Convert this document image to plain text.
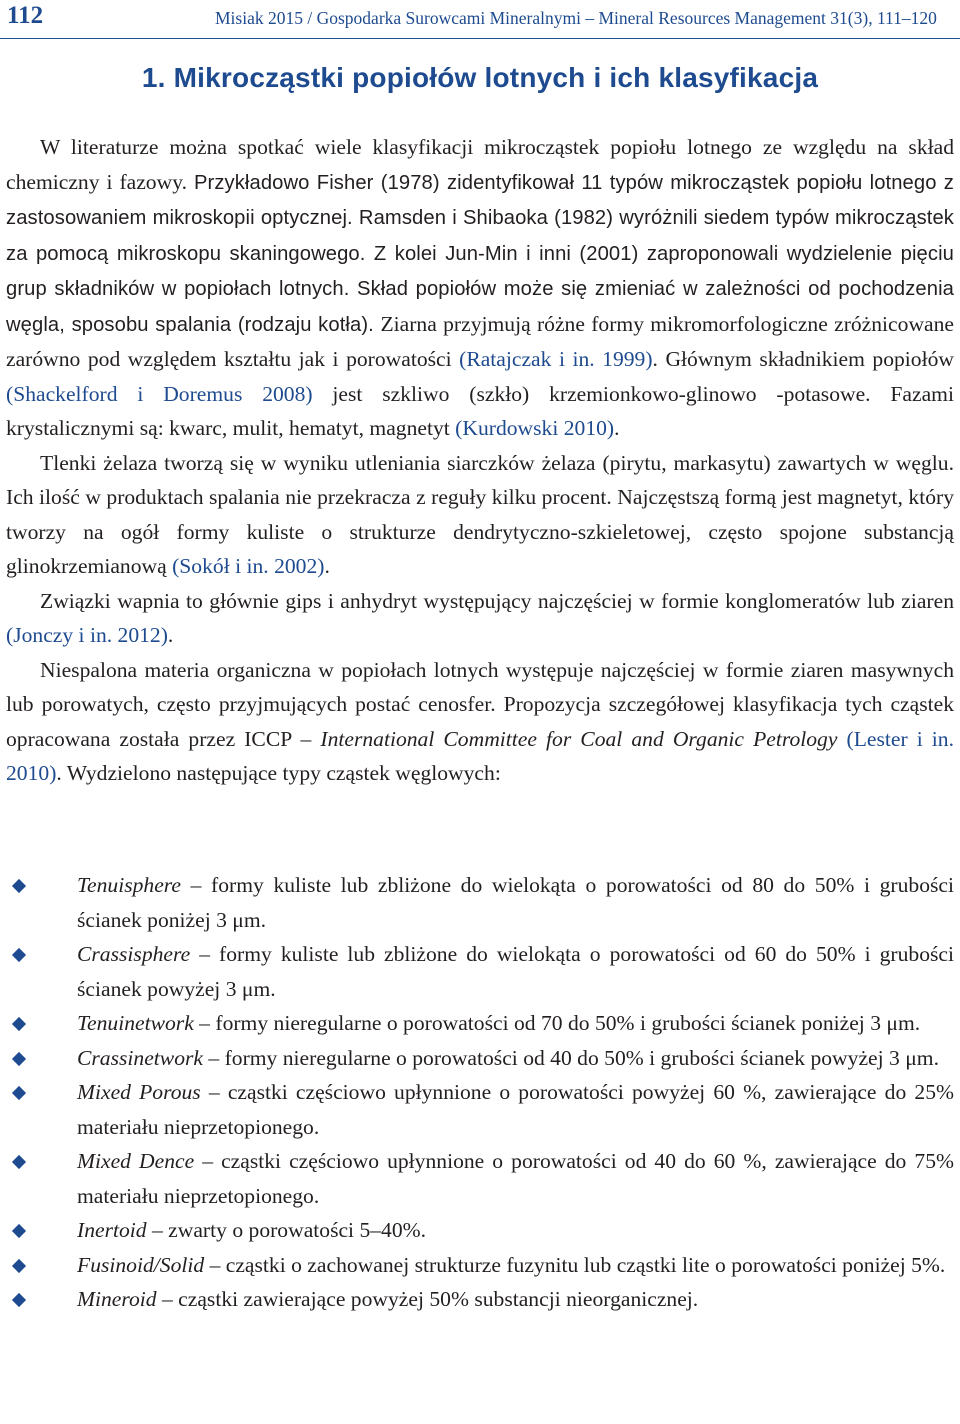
112	Misiak 2015 / Gospodarka Surowcami Mineralnymi – Mineral Resources Management 31(3), 111–120
1. Mikrocząstki popiołów lotnych i ich klasyfikacja

W literaturze można spotkać wiele klasyfikacji mikrocząstek popiołu lotnego ze względu na skład chemiczny i fazowy. Przykładowo Fisher (1978) zidentyfikował 11 typów mikrocząstek popiołu lotnego z zastosowaniem mikroskopii optycznej. Ramsden i Shibaoka (1982) wyróżnili siedem typów mikrocząstek za pomocą mikroskopu skaningowego. Z kolei Jun-Min i inni (2001) zaproponowali wydzielenie pięciu grup składników w popiołach lotnych. Skład popiołów może się zmieniać w zależności od pochodzenia węgla, sposobu spalania (rodzaju kotła). Ziarna przyjmują różne formy mikromorfologiczne zróżnicowane zarówno pod względem kształtu jak i porowatości (Ratajczak i in. 1999). Głównym składnikiem popiołów (Shackelford i Doremus 2008) jest szkliwo (szkło) krzemionkowo-glinowo -potasowe. Fazami krystalicznymi są: kwarc, mulit, hematyt, magnetyt (Kurdowski 2010).

Tlenki żelaza tworzą się w wyniku utleniania siarczków żelaza (pirytu, markasytu) zawartych w węglu. Ich ilość w produktach spalania nie przekracza z reguły kilku procent. Najczęstszą formą jest magnetyt, który tworzy na ogół formy kuliste o strukturze dendrytyczno-szkieletowej, często spojone substancją glinokrzemianową (Sokół i in. 2002).

Związki wapnia to głównie gips i anhydryt występujący najczęściej w formie konglomeratów lub ziaren (Jonczy i in. 2012).

Niespalona materia organiczna w popiołach lotnych występuje najczęściej w formie ziaren masywnych lub porowatych, często przyjmujących postać cenosfer. Propozycja szczegółowej klasyfikacja tych cząstek opracowana została przez ICCP – International Committee for Coal and Organic Petrology (Lester i in. 2010). Wydzielono następujące typy cząstek węglowych:

Tenuisphere – formy kuliste lub zbliżone do wielokąta o porowatości od 80 do 50% i grubości ścianek poniżej 3 μm.
Crassisphere – formy kuliste lub zbliżone do wielokąta o porowatości od 60 do 50% i grubości ścianek powyżej 3 μm.
Tenuinetwork – formy nieregularne o porowatości od 70 do 50% i grubości ścianek poniżej 3 μm.
Crassinetwork – formy nieregularne o porowatości od 40 do 50% i grubości ścianek powyżej 3 μm.
Mixed Porous – cząstki częściowo upłynnione o porowatości powyżej 60 %, zawierające do 25% materiału nieprzetopionego.
Mixed Dence – cząstki częściowo upłynnione o porowatości od 40 do 60 %, zawierające do 75% materiału nieprzetopionego.
Inertoid – zwarty o porowatości 5–40%.
Fusinoid/Solid – cząstki o zachowanej strukturze fuzynitu lub cząstki lite o porowatości poniżej 5%.
Mineroid – cząstki zawierające powyżej 50% substancji nieorganicznej.
